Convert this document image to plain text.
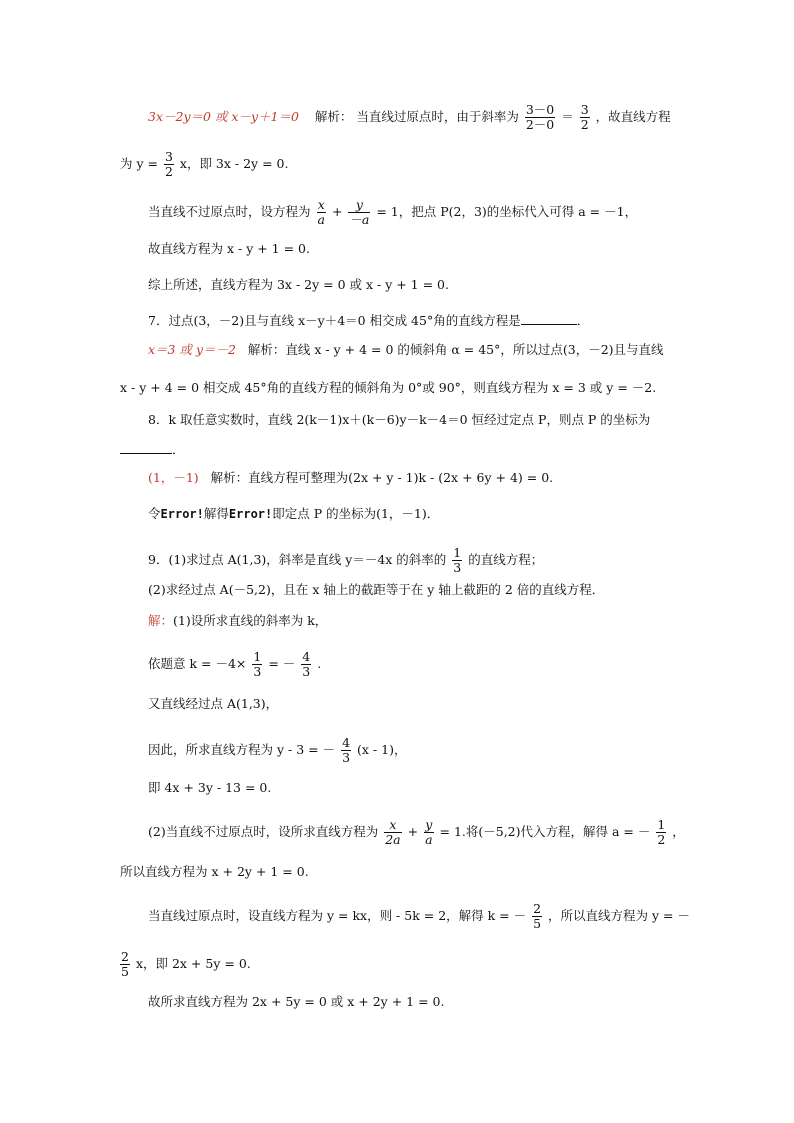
3x－2y＝0 或 x－y＋1＝0 解析： 当直线过原点时，由于斜率为 $\frac{3-0}{2-0} = \frac{3}{2}$ ，故直线方程
为 $y = \frac{3}{2}$ x，即 3x - 2y = 0.
当直线不过原点时，设方程为 $\frac{x}{a} + \frac{y}{-a} = 1$，把点 P(2，3)的坐标代入可得 a = －1，
故直线方程为 x - y + 1 = 0.
综上所述，直线方程为 3x - 2y = 0 或 x - y + 1 = 0.
7．过点(3，－2)且与直线 x－y＋4＝0 相交成 45°角的直线方程是	．
x＝3 或 y＝－2 解析：直线 x - y + 4 = 0 的倾斜角 α = 45°，所以过点(3，－2)且与直线
x - y + 4 = 0 相交成 45°角的直线方程的倾斜角为 0°或 90°，则直线方程为 x = 3 或 y = －2.
8．k 取任意实数时，直线 2(k－1)x＋(k－6)y－k－4＝0 恒经过定点 P，则点 P 的坐标为
．
(1，－1) 解析：直线方程可整理为(2x + y - 1)k - (2x + 6y + 4) = 0.
令Error!解得Error!即定点 P 的坐标为(1，－1)．
9．(1)求过点 A(1,3)，斜率是直线 y＝－4x 的斜率的 $\frac{1}{3}$ 的直线方程；
(2)求经过点 A(－5,2)，且在 x 轴上的截距等于在 y 轴上截距的 2 倍的直线方程．
解：(1)设所求直线的斜率为 k，
依题意 $k = -4\times \frac{1}{3}$ = － $\frac{4}{3}$ .
又直线经过点 A(1,3)，
因此，所求直线方程为 y - 3 = － $\frac{4}{3} (x - 1)$，
即 4x + 3y - 13 = 0.
(2)当直线不过原点时，设所求直线方程为 $\frac{x}{2a} + \frac{y}{a} = 1$.将(－5,2)代入方程，解得 a = － $\frac{1}{2}$ ，
所以直线方程为 x + 2y + 1 = 0.
当直线过原点时，设直线方程为 y = kx，则 - 5k = 2，解得 k = － $\frac{2}{5}$ ，所以直线方程为 y = －
$\frac{2}{5}$ x，即 2x + 5y = 0.
故所求直线方程为 2x + 5y = 0 或 x + 2y + 1 = 0.
